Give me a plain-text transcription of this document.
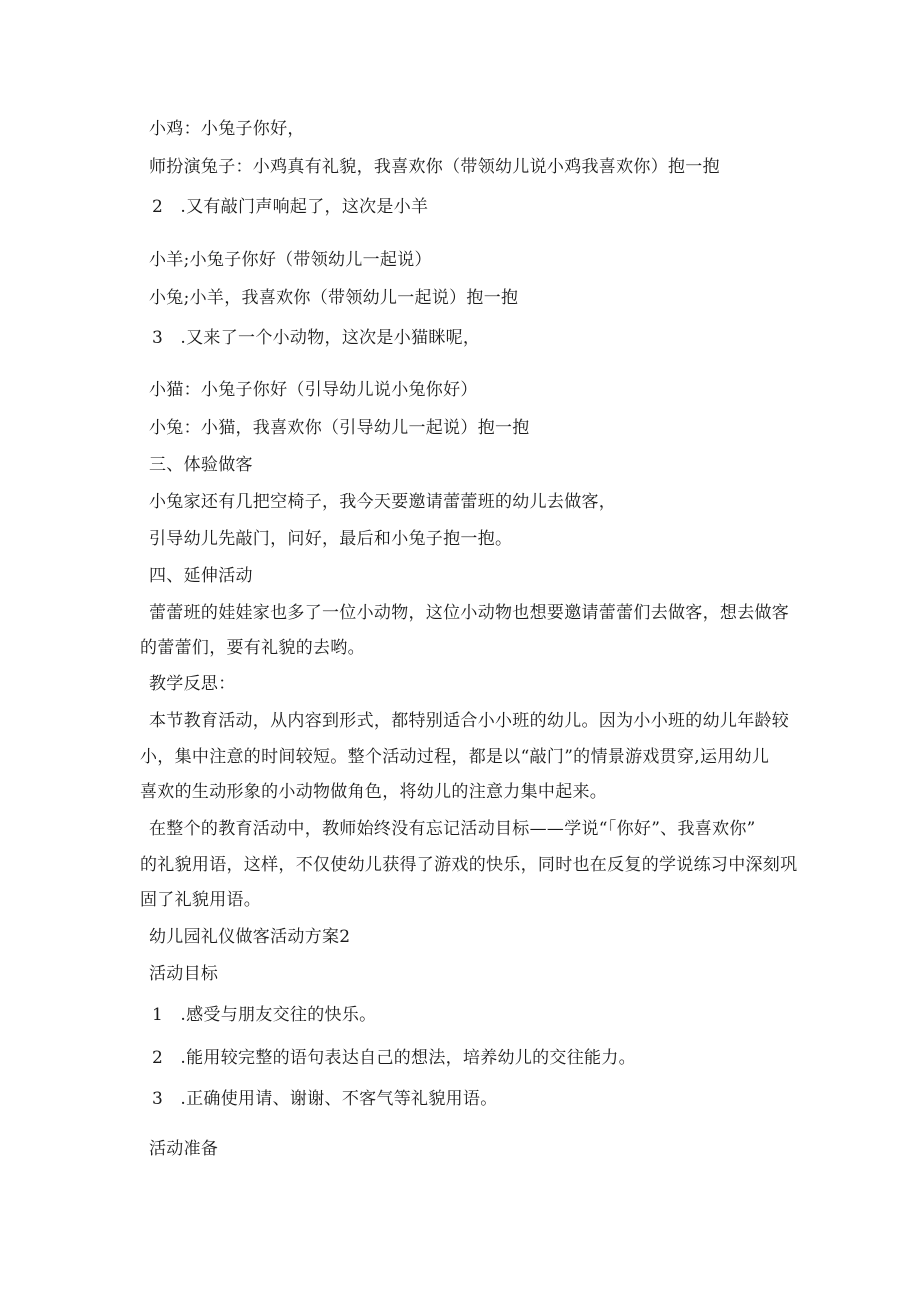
小鸡：小兔子你好，
师扮演兔子：小鸡真有礼貌，我喜欢你（带领幼儿说小鸡我喜欢你）抱一抱
2　.又有敲门声响起了，这次是小羊
小羊;小兔子你好（带领幼儿一起说）
小兔;小羊，我喜欢你（带领幼儿一起说）抱一抱
3　.又来了一个小动物，这次是小猫眯呢，
小猫：小兔子你好（引导幼儿说小兔你好）
小兔：小猫，我喜欢你（引导幼儿一起说）抱一抱
三、体验做客
小兔家还有几把空椅子，我今天要邀请蕾蕾班的幼儿去做客，
引导幼儿先敲门，问好，最后和小兔子抱一抱。
四、延伸活动
蕾蕾班的娃娃家也多了一位小动物，这位小动物也想要邀请蕾蕾们去做客，想去做客
的蕾蕾们，要有礼貌的去哟。
教学反思：
本节教育活动，从内容到形式，都特别适合小小班的幼儿。因为小小班的幼儿年龄较
小，集中注意的时间较短。整个活动过程，都是以“敲门”的情景游戏贯穿,运用幼儿
喜欢的生动形象的小动物做角色，将幼儿的注意力集中起来。
在整个的教育活动中，教师始终没有忘记活动目标——学说“「你好”、我喜欢你”
的礼貌用语，这样，不仅使幼儿获得了游戏的快乐，同时也在反复的学说练习中深刻巩
固了礼貌用语。
幼儿园礼仪做客活动方案2
活动目标
1　.感受与朋友交往的快乐。
2　.能用较完整的语句表达自己的想法，培养幼儿的交往能力。
3　.正确使用请、谢谢、不客气等礼貌用语。
活动准备
